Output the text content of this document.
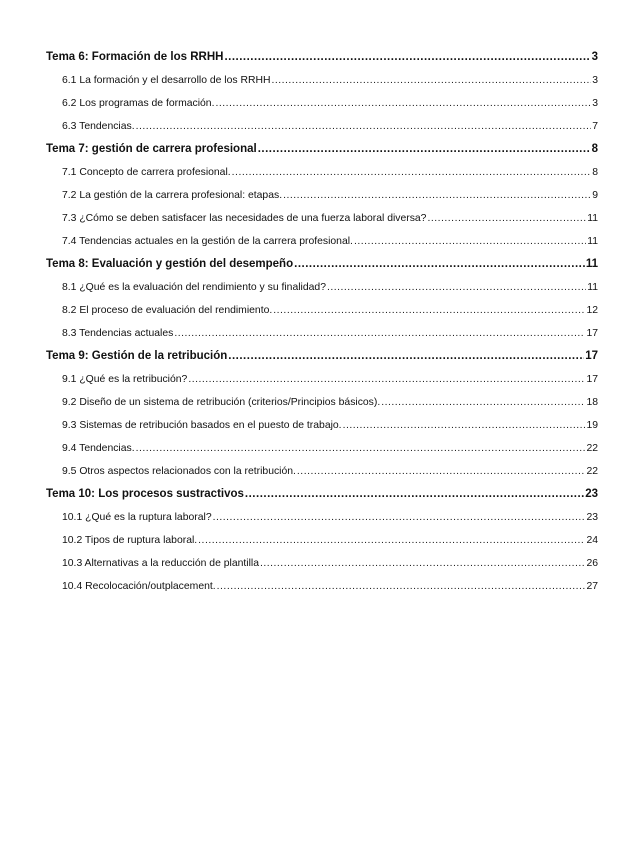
Tema 6: Formación de los RRHH .....	3
6.1 La formación y el desarrollo de los RRHH .....	3
6.2 Los programas de formación. .....	3
6.3 Tendencias. .....	7
Tema 7: gestión de carrera profesional .....	8
7.1 Concepto de carrera profesional. .....	8
7.2 La gestión de la carrera profesional: etapas. .....	9
7.3 ¿Cómo se deben satisfacer las necesidades de una fuerza laboral diversa? .....	11
7.4 Tendencias actuales en la gestión de la carrera profesional. .....	11
Tema 8: Evaluación y gestión del desempeño .....	11
8.1 ¿Qué es la evaluación del rendimiento y su finalidad? .....	11
8.2 El proceso de evaluación del rendimiento. .....	12
8.3 Tendencias actuales .....	17
Tema 9: Gestión de la retribución .....	17
9.1 ¿Qué es la retribución? .....	17
9.2 Diseño de un sistema de retribución (criterios/Principios básicos). .....	18
9.3 Sistemas de retribución basados en el puesto de trabajo. .....	19
9.4 Tendencias. .....	22
9.5 Otros aspectos relacionados con la retribución. .....	22
Tema 10: Los procesos sustractivos .....	23
10.1 ¿Qué es la ruptura laboral? .....	23
10.2 Tipos de ruptura laboral. .....	24
10.3 Alternativas a la reducción de plantilla .....	26
10.4 Recolocación/outplacement. .....	27
